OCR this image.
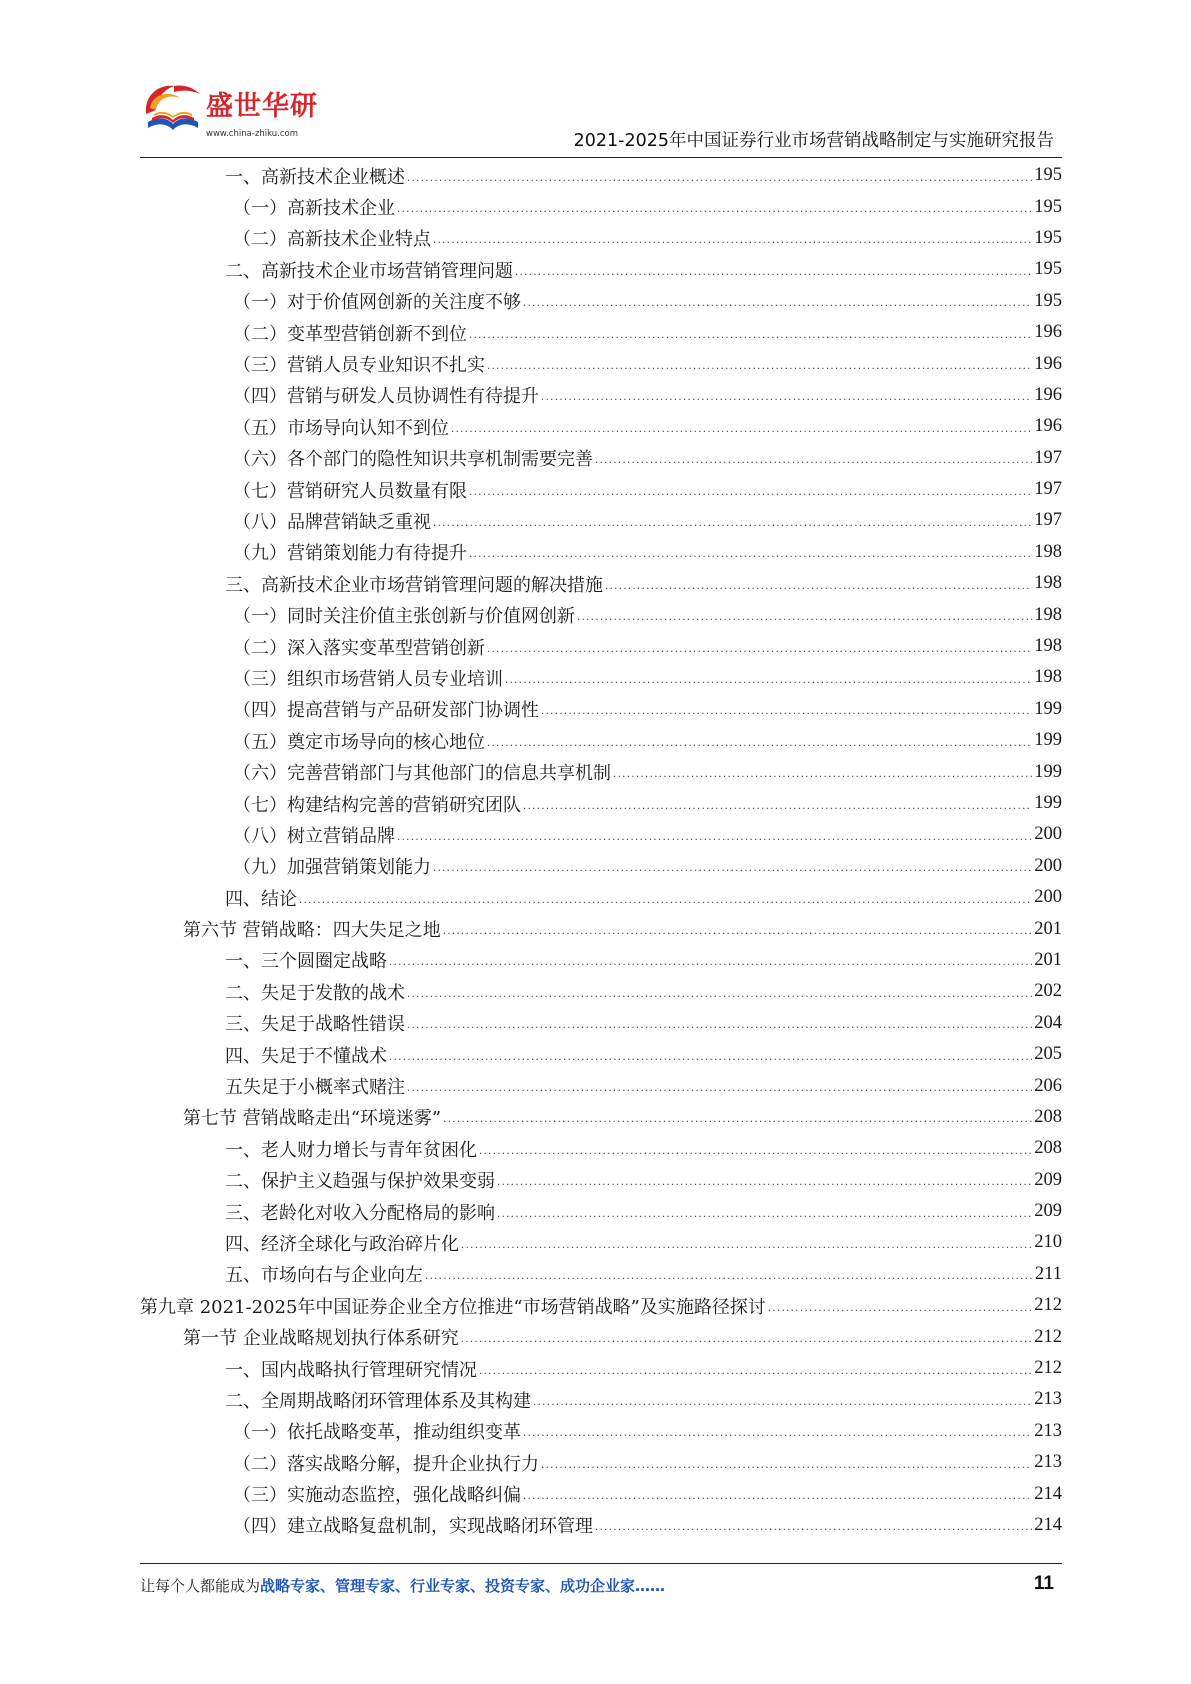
盛世华研
www.china-zhiku.com	2021-2025年中国证券行业市场营销战略制定与实施研究报告
一、高新技术企业概述 .....	195
（一）高新技术企业 .....	195
（二）高新技术企业特点 .....	195
二、高新技术企业市场营销管理问题 .....	195
（一）对于价值网创新的关注度不够 .....	195
（二）变革型营销创新不到位 .....	196
（三）营销人员专业知识不扎实 .....	196
（四）营销与研发人员协调性有待提升 .....	196
（五）市场导向认知不到位 .....	196
（六）各个部门的隐性知识共享机制需要完善 .....	197
（七）营销研究人员数量有限 .....	197
（八）品牌营销缺乏重视 .....	197
（九）营销策划能力有待提升 .....	198
三、高新技术企业市场营销管理问题的解决措施 .....	198
（一）同时关注价值主张创新与价值网创新 .....	198
（二）深入落实变革型营销创新 .....	198
（三）组织市场营销人员专业培训 .....	198
（四）提高营销与产品研发部门协调性 .....	199
（五）奠定市场导向的核心地位 .....	199
（六）完善营销部门与其他部门的信息共享机制 .....	199
（七）构建结构完善的营销研究团队 .....	199
（八）树立营销品牌 .....	200
（九）加强营销策划能力 .....	200
四、结论 .....	200
第六节 营销战略：四大失足之地 .....	201
一、三个圆圈定战略 .....	201
二、失足于发散的战术 .....	202
三、失足于战略性错误 .....	204
四、失足于不懂战术 .....	205
五失足于小概率式赌注 .....	206
第七节 营销战略走出“环境迷雾” .....	208
一、老人财力增长与青年贫困化 .....	208
二、保护主义趋强与保护效果变弱 .....	209
三、老龄化对收入分配格局的影响 .....	209
四、经济全球化与政治碎片化 .....	210
五、市场向右与企业向左 .....	211
第九章 2021-2025年中国证券企业全方位推进“市场营销战略”及实施路径探讨 .....	212
第一节 企业战略规划执行体系研究 .....	212
一、国内战略执行管理研究情况 .....	212
二、全周期战略闭环管理体系及其构建 .....	213
（一）依托战略变革，推动组织变革 .....	213
（二）落实战略分解，提升企业执行力 .....	213
（三）实施动态监控，强化战略纠偏 .....	214
（四）建立战略复盘机制，实现战略闭环管理 .....	214
让每个人都能成为战略专家、管理专家、行业专家、投资专家、成功企业家……	11
